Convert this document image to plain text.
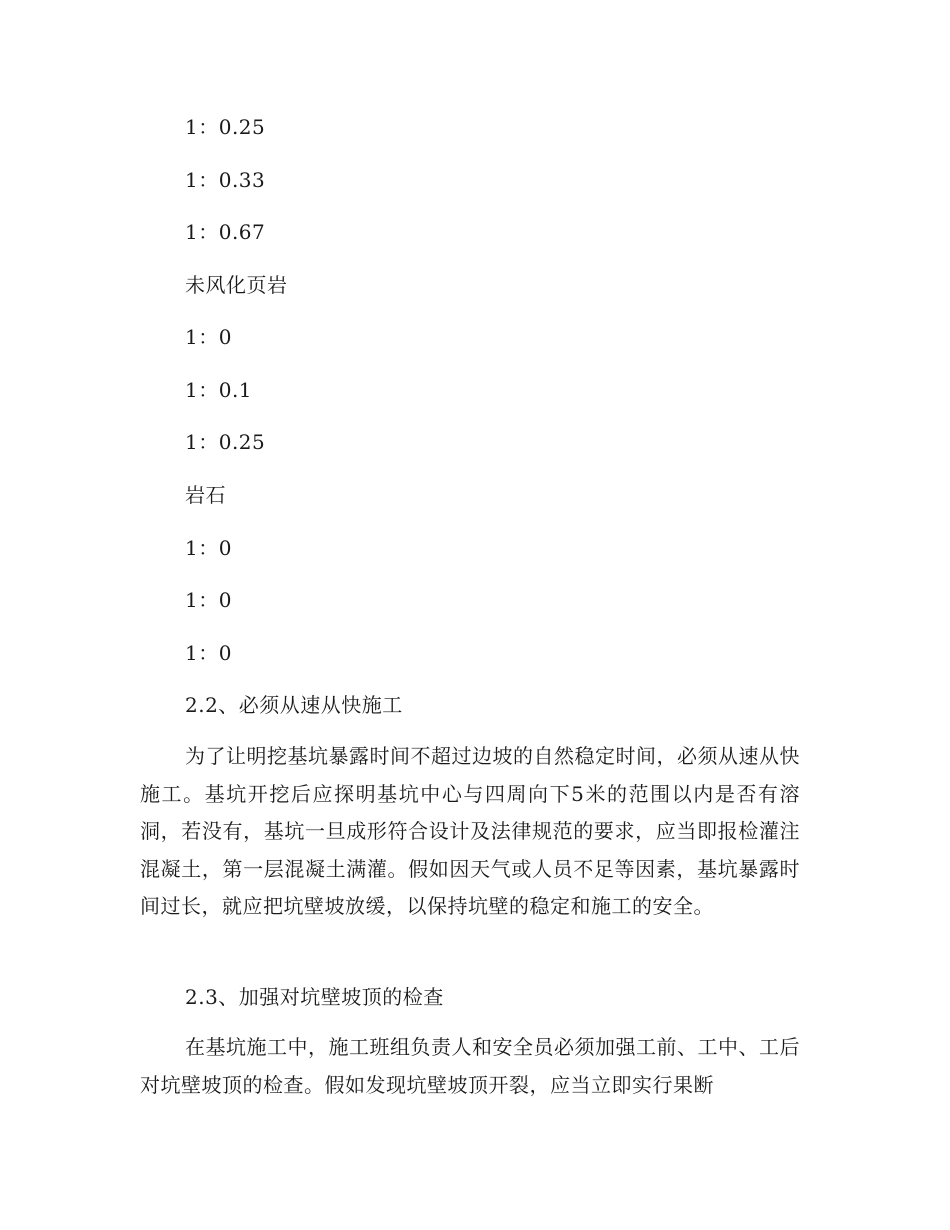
1：0.25
1：0.33
1：0.67
未风化页岩
1：0
1：0.1
1：0.25
岩石
1：0
1：0
1：0
2.2、必须从速从快施工
为了让明挖基坑暴露时间不超过边坡的自然稳定时间，必须从速从快施工。基坑开挖后应探明基坑中心与四周向下5米的范围以内是否有溶洞，若没有，基坑一旦成形符合设计及法律规范的要求，应当即报检灌注混凝土，第一层混凝土满灌。假如因天气或人员不足等因素，基坑暴露时间过长，就应把坑壁坡放缓，以保持坑壁的稳定和施工的安全。
2.3、加强对坑壁坡顶的检查
在基坑施工中，施工班组负责人和安全员必须加强工前、工中、工后对坑壁坡顶的检查。假如发现坑壁坡顶开裂，应当立即实行果断
